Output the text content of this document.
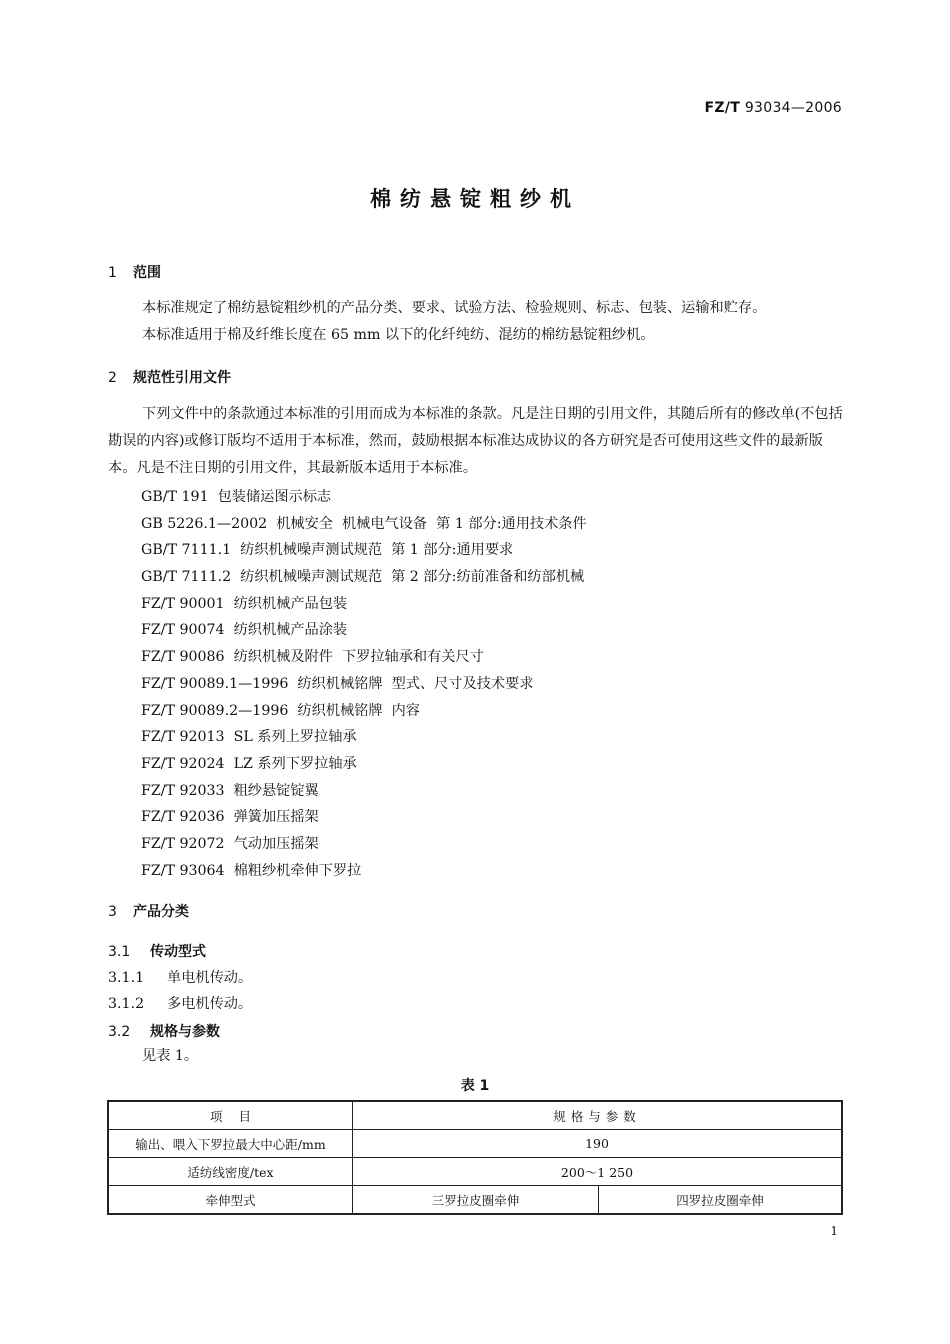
FZ/T 93034—2006
棉纺悬锭粗纱机
1 范围
本标准规定了棉纺悬锭粗纱机的产品分类、要求、试验方法、检验规则、标志、包装、运输和贮存。
本标准适用于棉及纤维长度在 65 mm 以下的化纤纯纺、混纺的棉纺悬锭粗纱机。
2 规范性引用文件
下列文件中的条款通过本标准的引用而成为本标准的条款。凡是注日期的引用文件，其随后所有的修改单(不包括勘误的内容)或修订版均不适用于本标准，然而，鼓励根据本标准达成协议的各方研究是否可使用这些文件的最新版本。凡是不注日期的引用文件，其最新版本适用于本标准。
GB/T 191  包装储运图示标志
GB 5226.1—2002  机械安全  机械电气设备  第 1 部分:通用技术条件
GB/T 7111.1  纺织机械噪声测试规范  第 1 部分:通用要求
GB/T 7111.2  纺织机械噪声测试规范  第 2 部分:纺前准备和纺部机械
FZ/T 90001  纺织机械产品包装
FZ/T 90074  纺织机械产品涂装
FZ/T 90086  纺织机械及附件  下罗拉轴承和有关尺寸
FZ/T 90089.1—1996  纺织机械铭牌  型式、尺寸及技术要求
FZ/T 90089.2—1996  纺织机械铭牌  内容
FZ/T 92013  SL 系列上罗拉轴承
FZ/T 92024  LZ 系列下罗拉轴承
FZ/T 92033  粗纱悬锭锭翼
FZ/T 92036  弹簧加压摇架
FZ/T 92072  气动加压摇架
FZ/T 93064  棉粗纱机牵伸下罗拉
3 产品分类
3.1 传动型式
3.1.1 单电机传动。
3.1.2 多电机传动。
3.2 规格与参数
见表 1。
表 1
项    目	规格与参数	
输出、喂入下罗拉最大中心距/mm	190	
适纺线密度/tex	200～1 250	
牵伸型式	三罗拉皮圈牵伸	四罗拉皮圈牵伸
1
